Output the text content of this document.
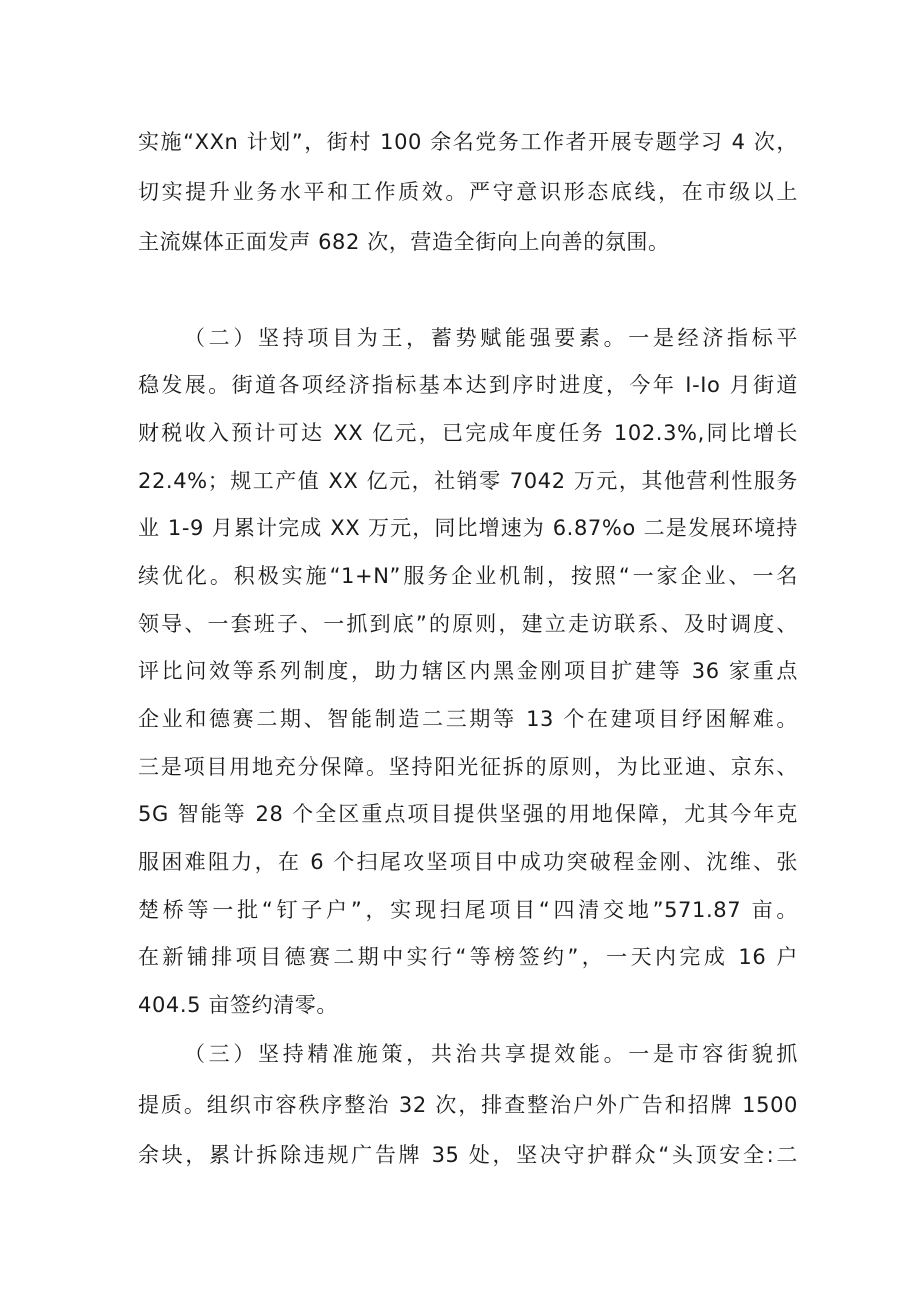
实施“XXn 计划”，街村 100 余名党务工作者开展专题学习 4 次，
切实提升业务水平和工作质效。严守意识形态底线，在市级以上
主流媒体正面发声 682 次，营造全街向上向善的氛围。
（二）坚持项目为王，蓄势赋能强要素。一是经济指标平
稳发展。街道各项经济指标基本达到序时进度，今年 I-Io 月街道
财税收入预计可达 XX 亿元，已完成年度任务 102.3%,同比增长
22.4%；规工产值 XX 亿元，社销零 7042 万元，其他营利性服务
业 1-9 月累计完成 XX 万元，同比增速为 6.87%o 二是发展环境持
续优化。积极实施“1+N”服务企业机制，按照“一家企业、一名
领导、一套班子、一抓到底”的原则，建立走访联系、及时调度、
评比问效等系列制度，助力辖区内黑金刚项目扩建等 36 家重点
企业和德赛二期、智能制造二三期等 13 个在建项目纾困解难。
三是项目用地充分保障。坚持阳光征拆的原则，为比亚迪、京东、
5G 智能等 28 个全区重点项目提供坚强的用地保障，尤其今年克
服困难阻力，在 6 个扫尾攻坚项目中成功突破程金刚、沈维、张
楚桥等一批“钉子户”，实现扫尾项目“四清交地”571.87 亩。
在新铺排项目德赛二期中实行“等榜签约”，一天内完成 16 户
404.5 亩签约清零。
（三）坚持精准施策，共治共享提效能。一是市容街貌抓
提质。组织市容秩序整治 32 次，排查整治户外广告和招牌 1500
余块，累计拆除违规广告牌 35 处，坚决守护群众“头顶安全:二
